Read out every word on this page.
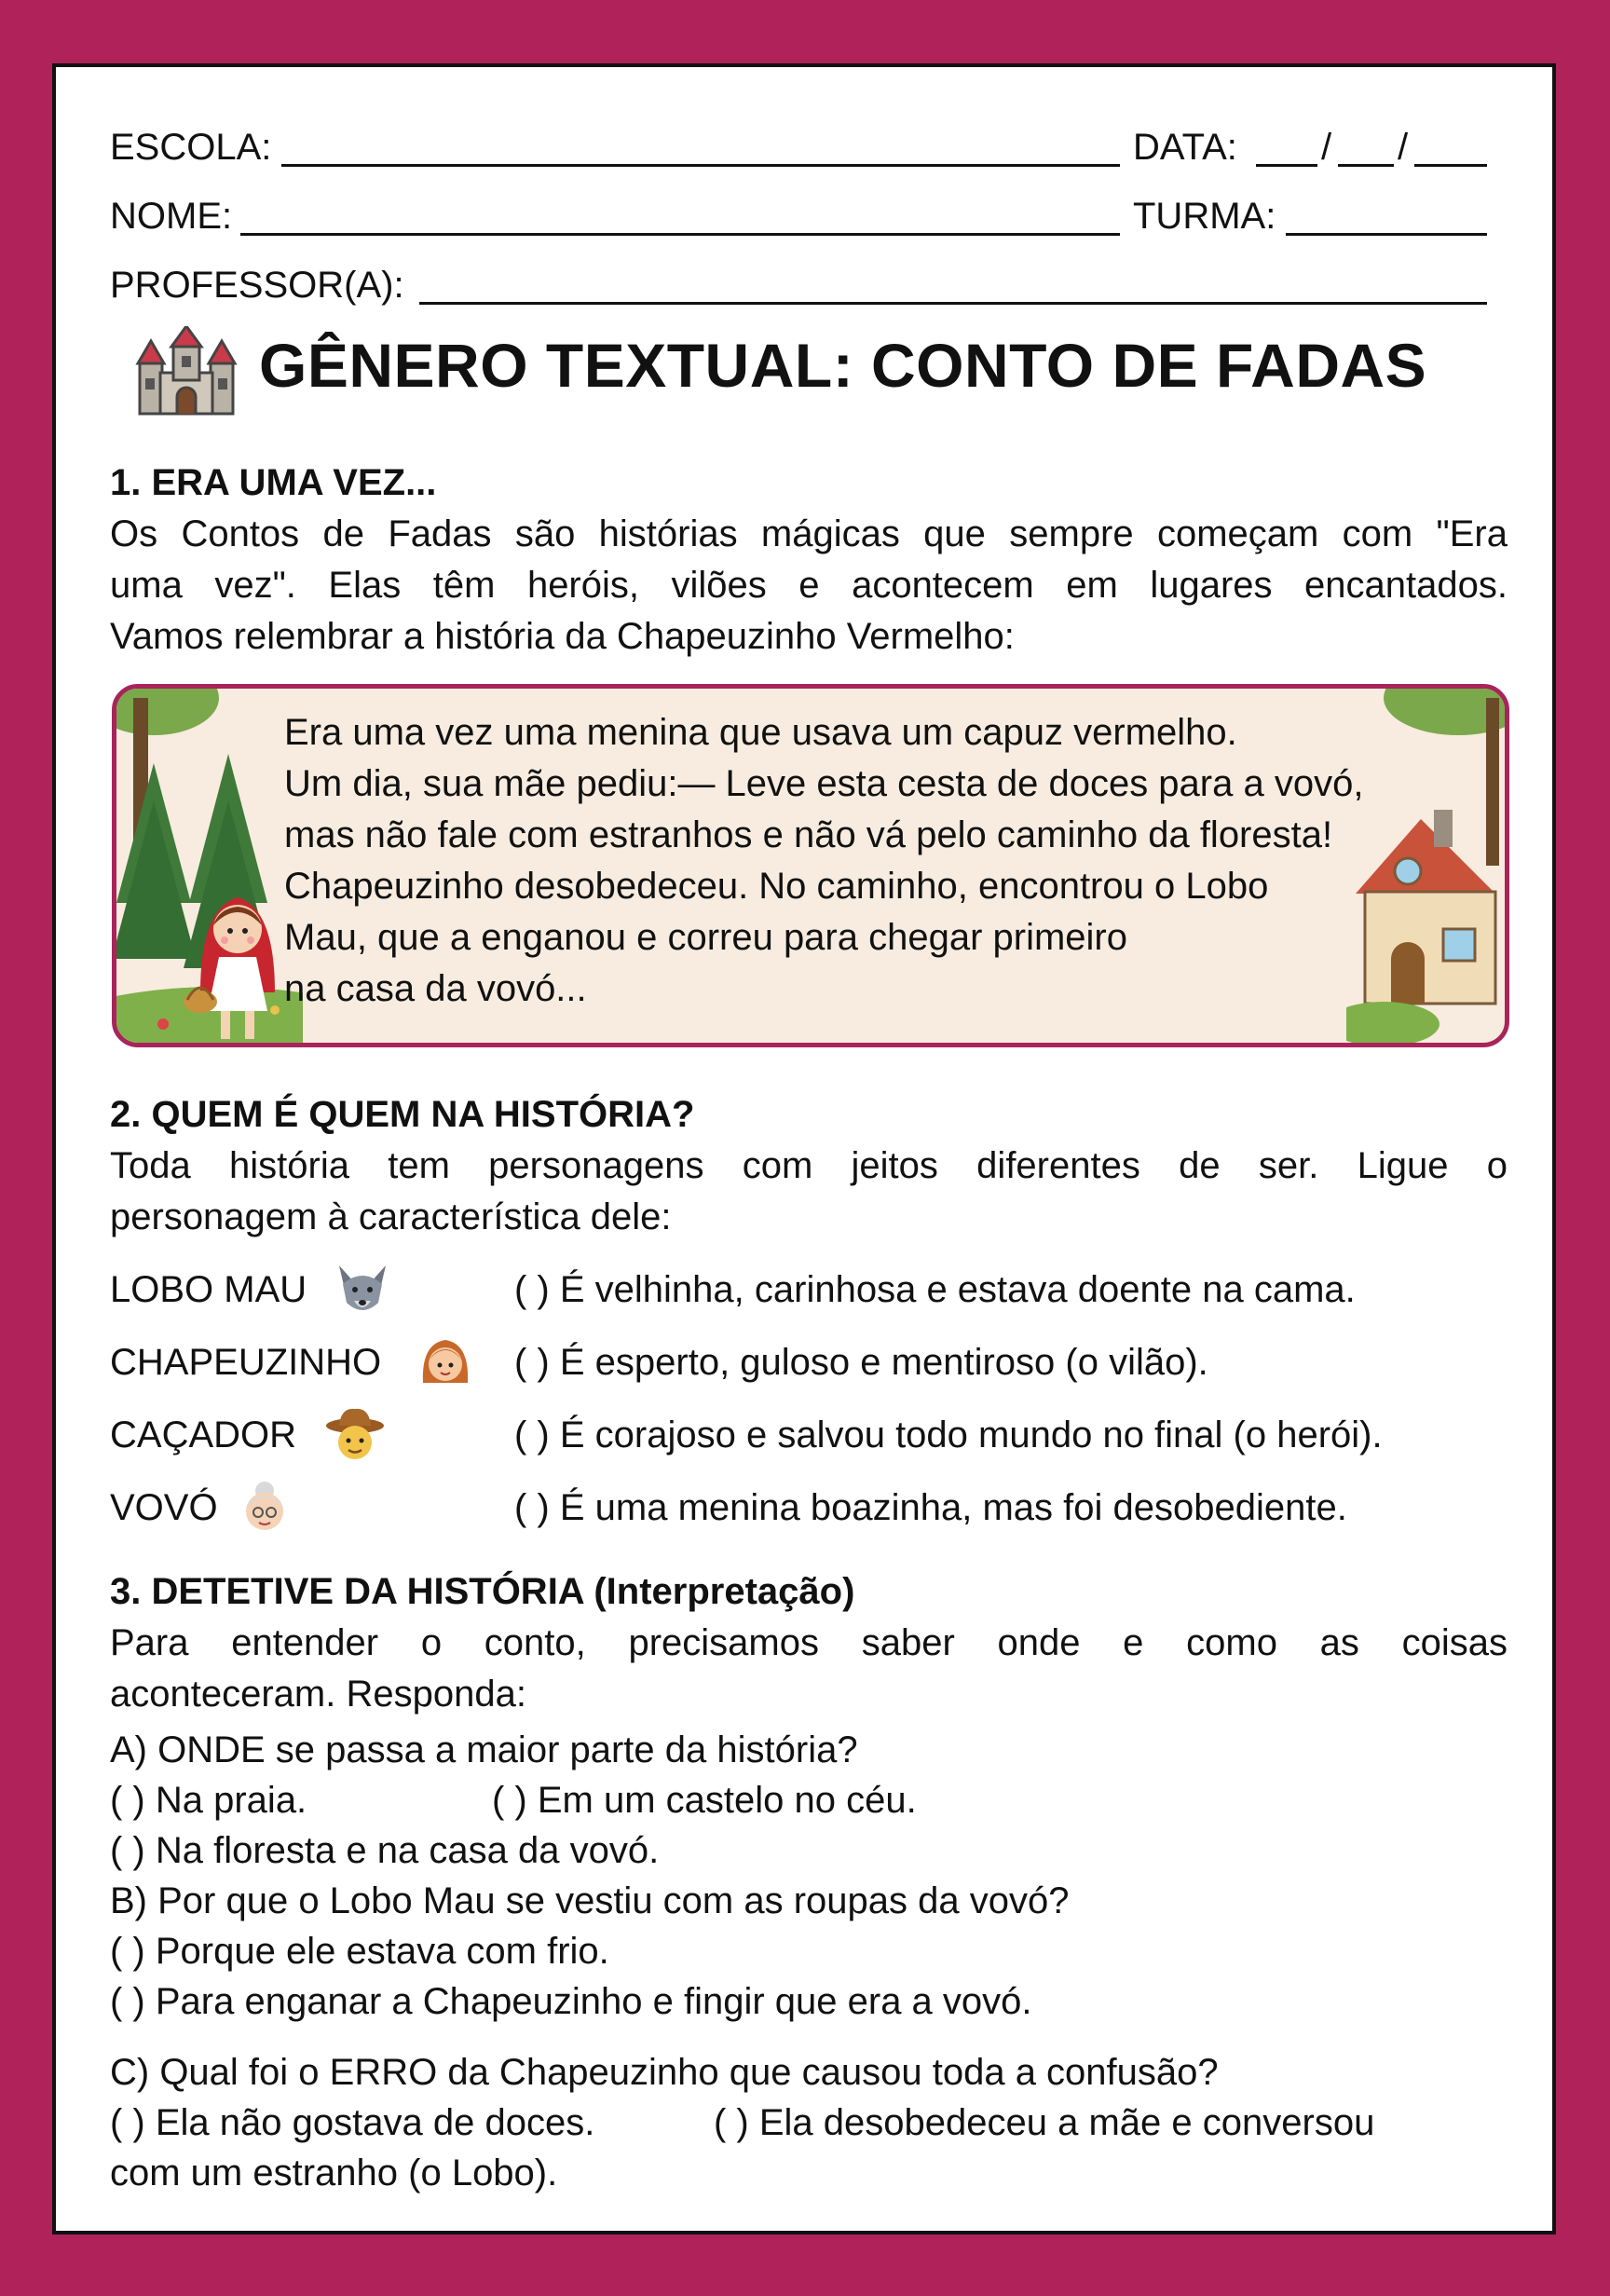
ESCOLA:	DATA: / /
NOME:	TURMA:
PROFESSOR(A):
GÊNERO TEXTUAL: CONTO DE FADAS
1. ERA UMA VEZ...
Os Contos de Fadas são histórias mágicas que sempre começam com "Era
uma vez". Elas têm heróis, vilões e acontecem em lugares encantados.
Vamos relembrar a história da Chapeuzinho Vermelho:
Era uma vez uma menina que usava um capuz vermelho.
Um dia, sua mãe pediu:— Leve esta cesta de doces para a vovó,
mas não fale com estranhos e não vá pelo caminho da floresta!
Chapeuzinho desobedeceu. No caminho, encontrou o Lobo
Mau, que a enganou e correu para chegar primeiro
na casa da vovó...
2. QUEM É QUEM NA HISTÓRIA?
Toda história tem personagens com jeitos diferentes de ser. Ligue o
personagem à característica dele:
LOBO MAU	( ) É velhinha, carinhosa e estava doente na cama.
CHAPEUZINHO	( ) É esperto, guloso e mentiroso (o vilão).
CAÇADOR	( ) É corajoso e salvou todo mundo no final (o herói).
VOVÓ	( ) É uma menina boazinha, mas foi desobediente.
3. DETETIVE DA HISTÓRIA (Interpretação)
Para entender o conto, precisamos saber onde e como as coisas
aconteceram. Responda:
A) ONDE se passa a maior parte da história?
( ) Na praia.	( ) Em um castelo no céu.
( ) Na floresta e na casa da vovó.
B) Por que o Lobo Mau se vestiu com as roupas da vovó?
( ) Porque ele estava com frio.
( ) Para enganar a Chapeuzinho e fingir que era a vovó.
C) Qual foi o ERRO da Chapeuzinho que causou toda a confusão?
( ) Ela não gostava de doces.	( ) Ela desobedeceu a mãe e conversou
com um estranho (o Lobo).
